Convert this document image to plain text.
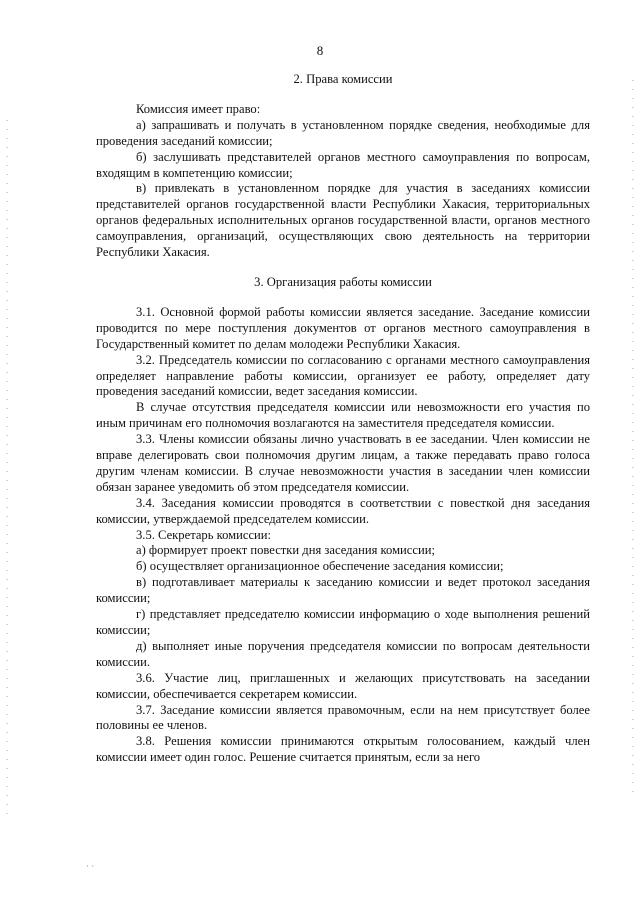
8

2. Права комиссии

Комиссия имеет право:

а) запрашивать и получать в установленном порядке сведения, необходимые для проведения заседаний комиссии;

б) заслушивать представителей органов местного самоуправления по вопросам, входящим в компетенцию комиссии;

в) привлекать в установленном порядке для участия в заседаниях комиссии представителей органов государственной власти Республики Хакасия, территориальных органов федеральных исполнительных органов государственной власти, органов местного самоуправления, организаций, осуществляющих свою деятельность на территории Республики Хакасия.

3. Организация работы комиссии

3.1. Основной формой работы комиссии является заседание. Заседание комиссии проводится по мере поступления документов от органов местного самоуправления в Государственный комитет по делам молодежи Республики Хакасия.

3.2. Председатель комиссии по согласованию с органами местного самоуправления определяет направление работы комиссии, организует ее работу, определяет дату проведения заседаний комиссии, ведет заседания комиссии.

В случае отсутствия председателя комиссии или невозможности его участия по иным причинам его полномочия возлагаются на заместителя председателя комиссии.

3.3. Члены комиссии обязаны лично участвовать в ее заседании. Член комиссии не вправе делегировать свои полномочия другим лицам, а также передавать право голоса другим членам комиссии. В случае невозможности участия в заседании член комиссии обязан заранее уведомить об этом председателя комиссии.

3.4. Заседания комиссии проводятся в соответствии с повесткой дня заседания комиссии, утверждаемой председателем комиссии.

3.5. Секретарь комиссии:

а) формирует проект повестки дня заседания комиссии;

б) осуществляет организационное обеспечение заседания комиссии;

в) подготавливает материалы к заседанию комиссии и ведет протокол заседания комиссии;

г) представляет председателю комиссии информацию о ходе выполнения решений комиссии;

д) выполняет иные поручения председателя комиссии по вопросам деятельности комиссии.

3.6. Участие лиц, приглашенных и желающих присутствовать на заседании комиссии, обеспечивается секретарем комиссии.

3.7. Заседание комиссии является правомочным, если на нем присутствует более половины ее членов.

3.8. Решения комиссии принимаются открытым голосованием, каждый член комиссии имеет один голос. Решение считается принятым, если за него

· ·
